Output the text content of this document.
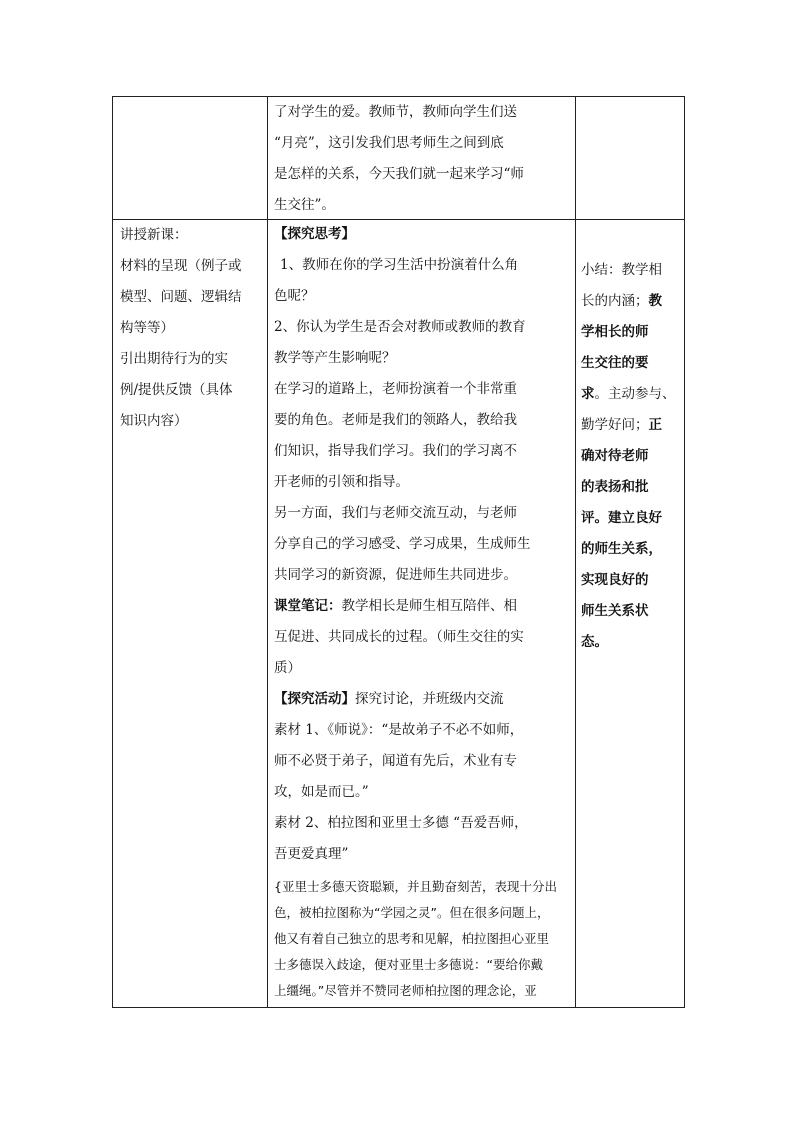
了对学生的爱。教师节，教师向学生们送

“月亮”，这引发我们思考师生之间到底

是怎样的关系，今天我们就一起来学习“师

生交往”。

讲授新课：

材料的呈现（例子或

模型、问题、逻辑结

构等等）

引出期待行为的实

例/提供反馈（具体

知识内容）

【探究思考】

1、教师在你的学习生活中扮演着什么角

色呢？

2、你认为学生是否会对教师或教师的教育

教学等产生影响呢？

在学习的道路上，老师扮演着一个非常重

要的角色。老师是我们的领路人，教给我

们知识，指导我们学习。我们的学习离不

开老师的引领和指导。

另一方面，我们与老师交流互动，与老师

分享自己的学习感受、学习成果，生成师生

共同学习的新资源，促进师生共同进步。

课堂笔记：教学相长是师生相互陪伴、相

互促进、共同成长的过程。（师生交往的实

质）

【探究活动】探究讨论，并班级内交流

素材 1、《师说》：“是故弟子不必不如师，

师不必贤于弟子，闻道有先后，术业有专

攻，如是而已。”

素材 2、柏拉图和亚里士多德 “吾爱吾师，

吾更爱真理”

{亚里士多德天资聪颖，并且勤奋刻苦，表现十分出

色，被柏拉图称为“学园之灵”。但在很多问题上，

他又有着自己独立的思考和见解，柏拉图担心亚里

士多德误入歧途，便对亚里士多德说：“要给你戴

上缰绳。”尽管并不赞同老师柏拉图的理念论，亚

小结：教学相

长的内涵；教

学相长的师

生交往的要

求。主动参与、

勤学好问；正

确对待老师

的表扬和批

评。建立良好

的师生关系，

实现良好的

师生关系状

态。
